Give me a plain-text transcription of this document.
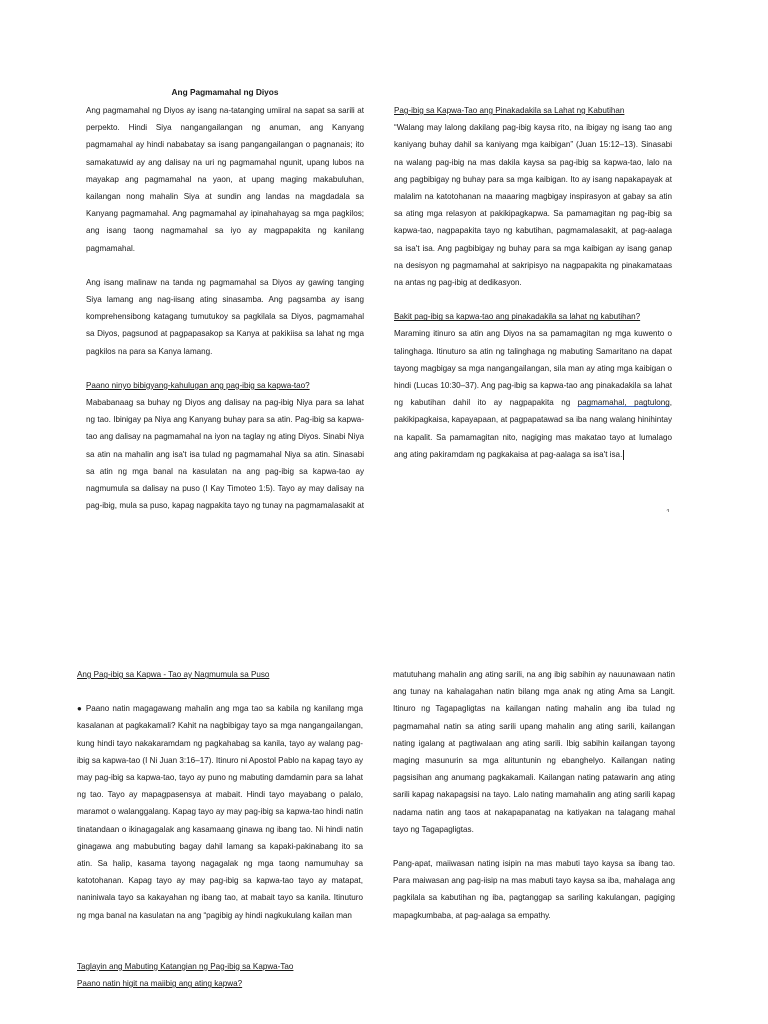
Ang Pagmamahal ng Diyos

Ang pagmamahal ng Diyos ay isang na-tatanging umiiral na sapat sa sarili at perpekto. Hindi Siya nangangailangan ng anuman, ang Kanyang pagmamahal ay hindi nababatay sa isang pangangailangan o pagnanais; ito samakatuwid ay ang dalisay na uri ng pagmamahal ngunit, upang lubos na mayakap ang pagmamahal na yaon, at upang maging makabuluhan, kailangan nong mahalin Siya at sundin ang landas na magdadala sa Kanyang pagmamahal. Ang pagmamahal ay ipinahahayag sa mga pagkilos; ang isang taong nagmamahal sa iyo ay magpapakita ng kanilang pagmamahal.

Ang isang malinaw na tanda ng pagmamahal sa Diyos ay gawing tanging Siya lamang ang nag-iisang ating sinasamba. Ang pagsamba ay isang komprehensibong katagang tumutukoy sa pagkilala sa Diyos, pagmamahal sa Diyos, pagsunod at pagpapasakop sa Kanya at pakikiisa sa lahat ng mga pagkilos na para sa Kanya lamang.

Paano ninyo bibigyang-kahulugan ang pag-ibig sa kapwa-tao?

Mababanaag sa buhay ng Diyos ang dalisay na pag-ibig Niya para sa lahat ng tao. Ibinigay pa Niya ang Kanyang buhay para sa atin. Pag-ibig sa kapwa-tao ang dalisay na pagmamahal na iyon na taglay ng ating Diyos. Sinabi Niya sa atin na mahalin ang isa't isa tulad ng pagmamahal Niya sa atin. Sinasabi sa atin ng mga banal na kasulatan na ang pag-ibig sa kapwa-tao ay nagmumula sa dalisay na puso (I Kay Timoteo 1:5). Tayo ay may dalisay na pag-ibig, mula sa puso, kapag nagpakita tayo ng tunay na pagmamalasakit at

Pag-ibig sa Kapwa-Tao ang Pinakadakila sa Lahat ng Kabutihan

“Walang may lalong dakilang pag-ibig kaysa rito, na ibigay ng isang tao ang kaniyang buhay dahil sa kaniyang mga kaibigan” (Juan 15:12–13). Sinasabi na walang pag-ibig na mas dakila kaysa sa pag-ibig sa kapwa-tao, lalo na ang pagbibigay ng buhay para sa mga kaibigan. Ito ay isang napakapayak at malalim na katotohanan na maaaring magbigay inspirasyon at gabay sa atin sa ating mga relasyon at pakikipagkapwa. Sa pamamagitan ng pag-ibig sa kapwa-tao, nagpapakita tayo ng kabutihan, pagmamalasakit, at pag-aalaga sa isa't isa. Ang pagbibigay ng buhay para sa mga kaibigan ay isang ganap na desisyon ng pagmamahal at sakripisyo na nagpapakita ng pinakamataas na antas ng pag-ibig at dedikasyon.

Bakit pag-ibig sa kapwa-tao ang pinakadakila sa lahat ng kabutihan?

Maraming itinuro sa atin ang Diyos na sa pamamagitan ng mga kuwento o talinghaga. Itinuturo sa atin ng talinghaga ng mabuting Samaritano na dapat tayong magbigay sa mga nangangailangan, sila man ay ating mga kaibigan o hindi (Lucas 10:30–37). Ang pag-ibig sa kapwa-tao ang pinakadakila sa lahat ng kabutihan dahil ito ay nagpapakita ng pagmamahal, pagtulong, pakikipagkaisa, kapayapaan, at pagpapatawad sa iba nang walang hinihintay na kapalit. Sa pamamagitan nito, nagiging mas makatao tayo at lumalago ang ating pakiramdam ng pagkakaisa at pag-aalaga sa isa't isa.

Ang Pag-ibig sa Kapwa - Tao ay Nagmumula sa Puso

● Paano natin magagawang mahalin ang mga tao sa kabila ng kanilang mga kasalanan at pagkakamali? Kahit na nagbibigay tayo sa mga nangangailangan, kung hindi tayo nakakaramdam ng pagkahabag sa kanila, tayo ay walang pag-ibig sa kapwa-tao (I Ni Juan 3:16–17). Itinuro ni Apostol Pablo na kapag tayo ay may pag-ibig sa kapwa-tao, tayo ay puno ng mabuting damdamin para sa lahat ng tao. Tayo ay mapagpasensya at mabait. Hindi tayo mayabang o palalo, maramot o walanggalang. Kapag tayo ay may pag-ibig sa kapwa-tao hindi natin tinatandaan o ikinagagalak ang kasamaang ginawa ng ibang tao. Ni hindi natin ginagawa ang mabubuting bagay dahil lamang sa kapaki-pakinabang ito sa atin. Sa halip, kasama tayong nagagalak ng mga taong namumuhay sa katotohanan. Kapag tayo ay may pag-ibig sa kapwa-tao tayo ay matapat, naniniwala tayo sa kakayahan ng ibang tao, at mabait tayo sa kanila. Itinuturo ng mga banal na kasulatan na ang “pagibig ay hindi nagkukulang kailan man

Taglayin ang Mabuting Katangian ng Pag-ibig sa Kapwa-Tao

Paano natin higit na maiibig ang ating kapwa?

matutuhang mahalin ang ating sarili, na ang ibig sabihin ay nauunawaan natin ang tunay na kahalagahan natin bilang mga anak ng ating Ama sa Langit. Itinuro ng Tagapagligtas na kailangan nating mahalin ang iba tulad ng pagmamahal natin sa ating sarili upang mahalin ang ating sarili, kailangan nating igalang at pagtiwalaan ang ating sarili. Ibig sabihin kailangan tayong maging masunurin sa mga alituntunin ng ebanghelyo. Kailangan nating pagsisihan ang anumang pagkakamali. Kailangan nating patawarin ang ating sarili kapag nakapagsisi na tayo. Lalo nating mamahalin ang ating sarili kapag nadama natin ang taos at nakapapanatag na katiyakan na talagang mahal tayo ng Tagapagligtas.

Pang-apat, maiiwasan nating isipin na mas mabuti tayo kaysa sa ibang tao. Para maiwasan ang pag-iisip na mas mabuti tayo kaysa sa iba, mahalaga ang pagkilala sa kabutihan ng iba, pagtanggap sa sariling kakulangan, pagiging mapagkumbaba, at pag-aalaga sa empathy.
